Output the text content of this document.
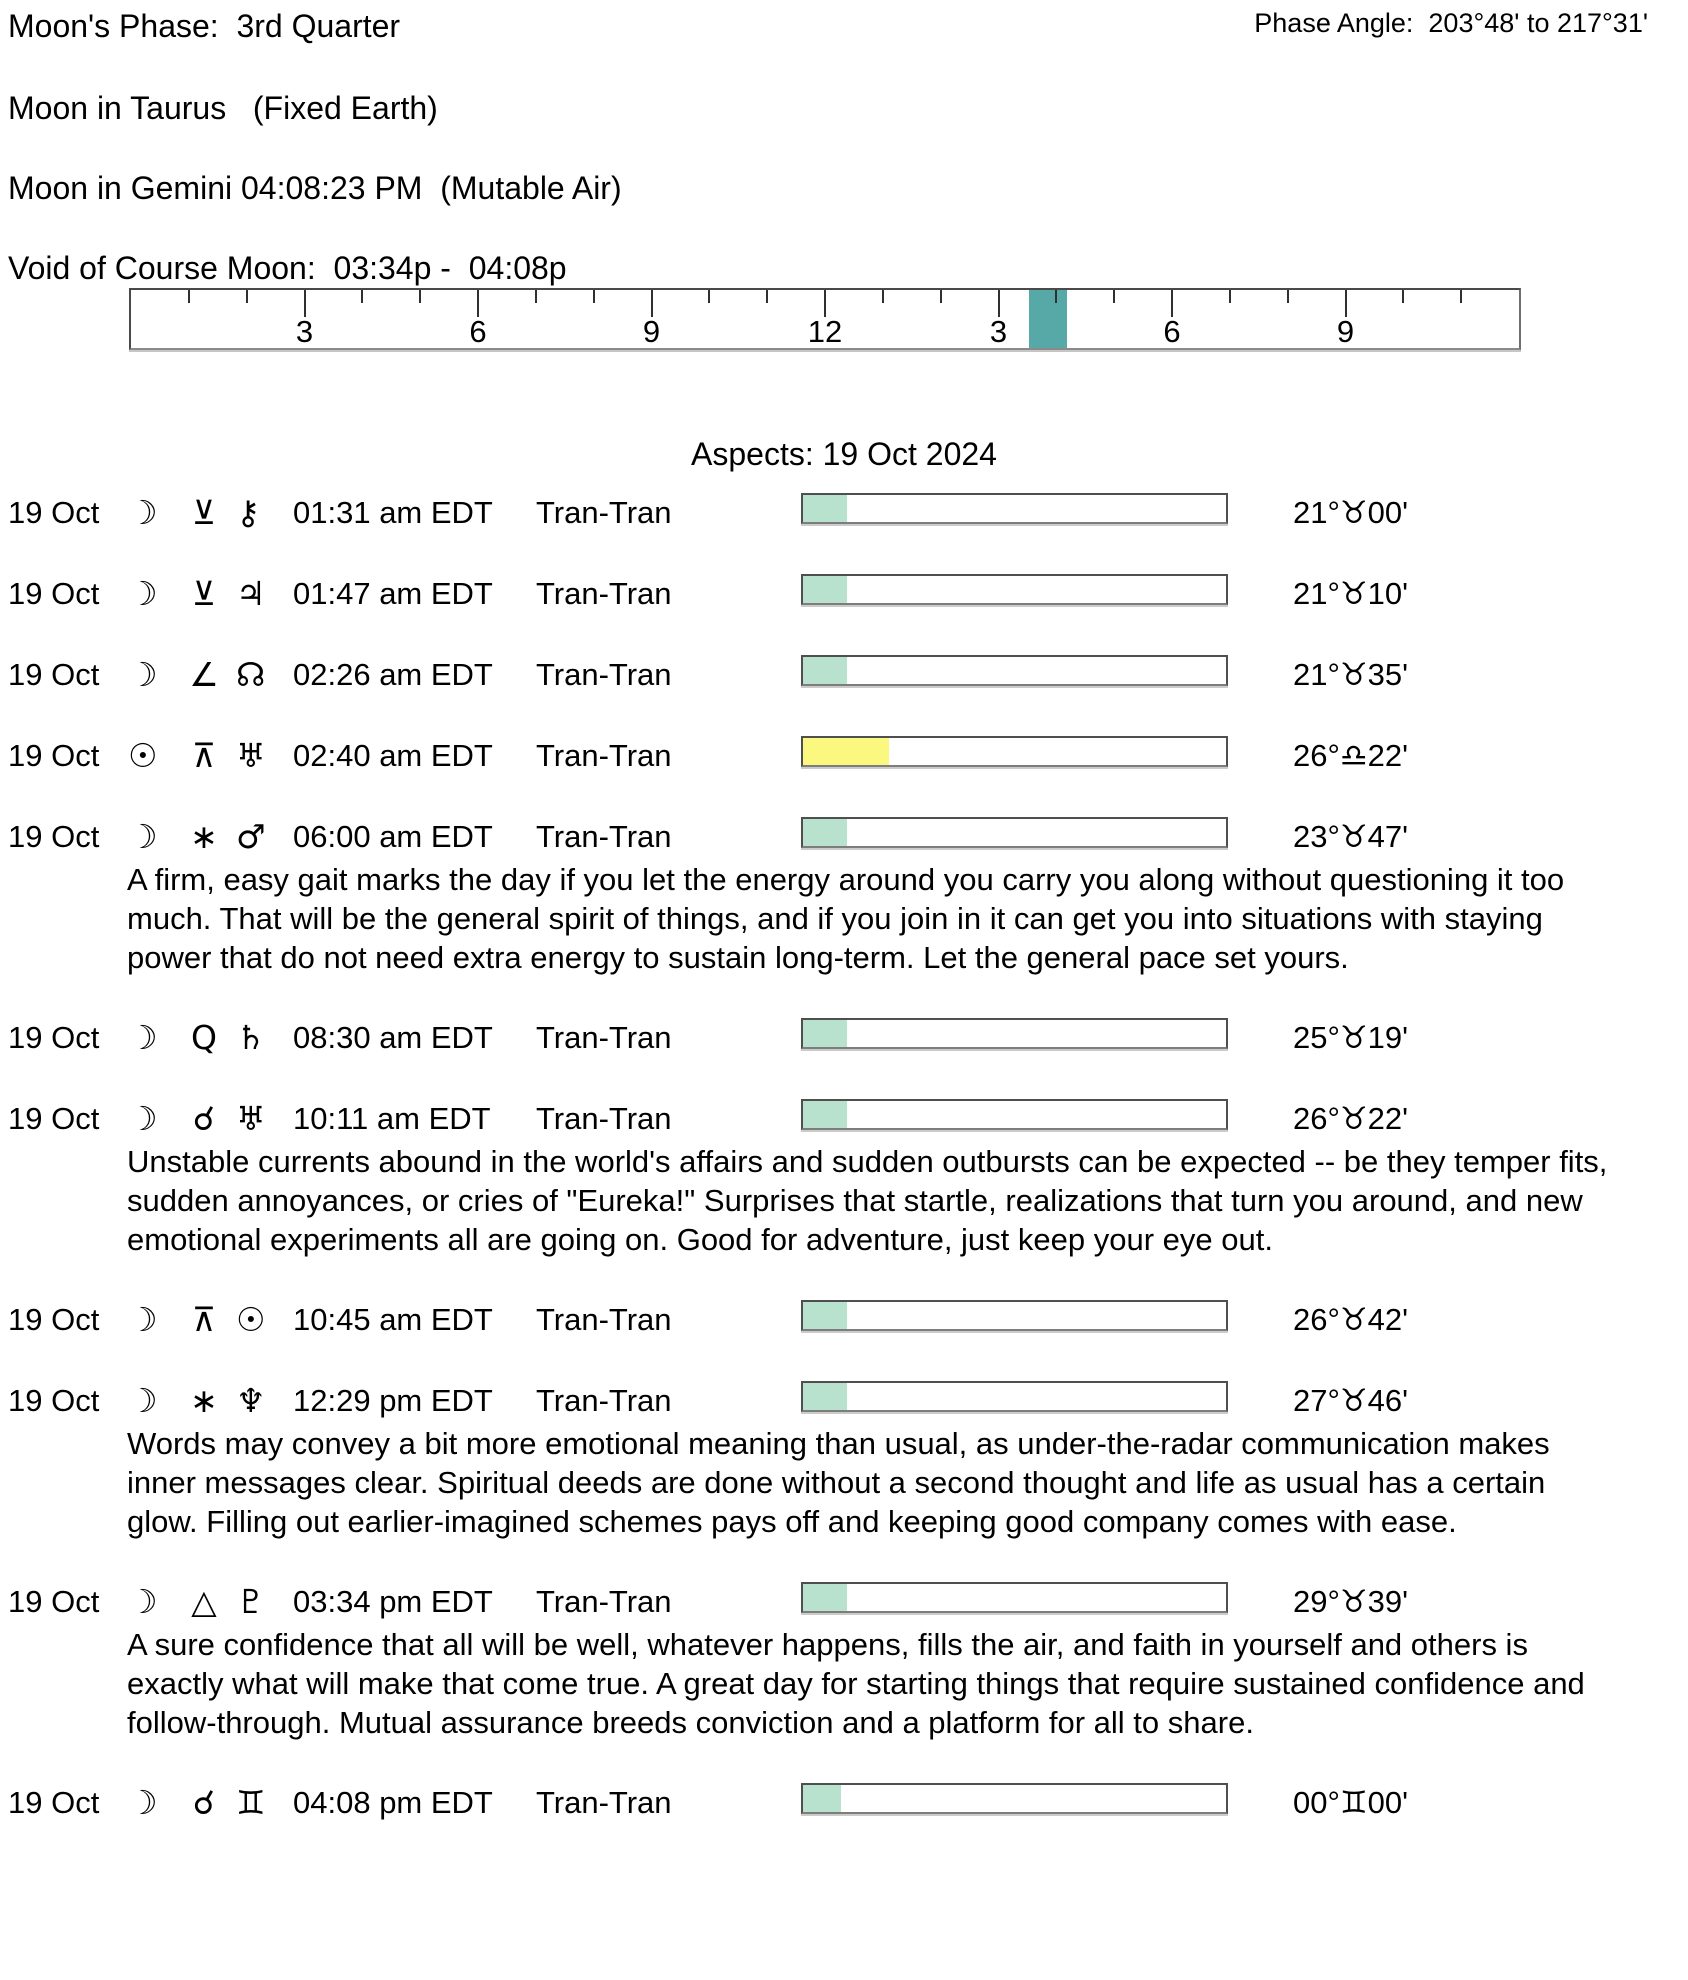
Moon's Phase:  3rd Quarter	Phase Angle:  203°48' to 217°31'
Moon in Taurus   (Fixed Earth)
Moon in Gemini 04:08:23 PM  (Mutable Air)
Void of Course Moon:  03:34p -  04:08p
3	6	9	12	3	6	9
Aspects: 19 Oct 2024
19 Oct ☽	⊻ ⚷ 01:31 am EDT Tran-Tran	21°♉00'
19 Oct ☽	⊻ ♃ 01:47 am EDT Tran-Tran	21°♉10'
19 Oct ☽ ∠ ☊ 02:26 am EDT Tran-Tran	21°♉35'
19 Oct ☉	⊼ ♅ 02:40 am EDT Tran-Tran	26°♎22'
19 Oct ☽ ∗ ♂ 06:00 am EDT Tran-Tran	23°♉47'
A firm, easy gait marks the day if you let the energy around you carry you along without questioning it too much. That will be the general spirit of things, and if you join in it can get you into situations with staying power that do not need extra energy to sustain long-term. Let the general pace set yours.
19 Oct ☽	Q ♄ 08:30 am EDT Tran-Tran	25°♉19'
19 Oct ☽	☌ ♅ 10:11 am EDT Tran-Tran	26°♉22'
Unstable currents abound in the world's affairs and sudden outbursts can be expected -- be they temper fits, sudden annoyances, or cries of "Eureka!" Surprises that startle, realizations that turn you around, and new emotional experiments all are going on. Good for adventure, just keep your eye out.
19 Oct ☽	⊼ ☉ 10:45 am EDT Tran-Tran	26°♉42'
19 Oct ☽ ∗ ♆ 12:29 pm EDT Tran-Tran	27°♉46'
Words may convey a bit more emotional meaning than usual, as under-the-radar communication makes inner messages clear. Spiritual deeds are done without a second thought and life as usual has a certain glow. Filling out earlier-imagined schemes pays off and keeping good company comes with ease.
19 Oct ☽	△ ♇ 03:34 pm EDT Tran-Tran	29°♉39'
A sure confidence that all will be well, whatever happens, fills the air, and faith in yourself and others is exactly what will make that come true. A great day for starting things that require sustained confidence and follow-through. Mutual assurance breeds conviction and a platform for all to share.
19 Oct ☽	☌ ♊ 04:08 pm EDT Tran-Tran	00°♊00'
